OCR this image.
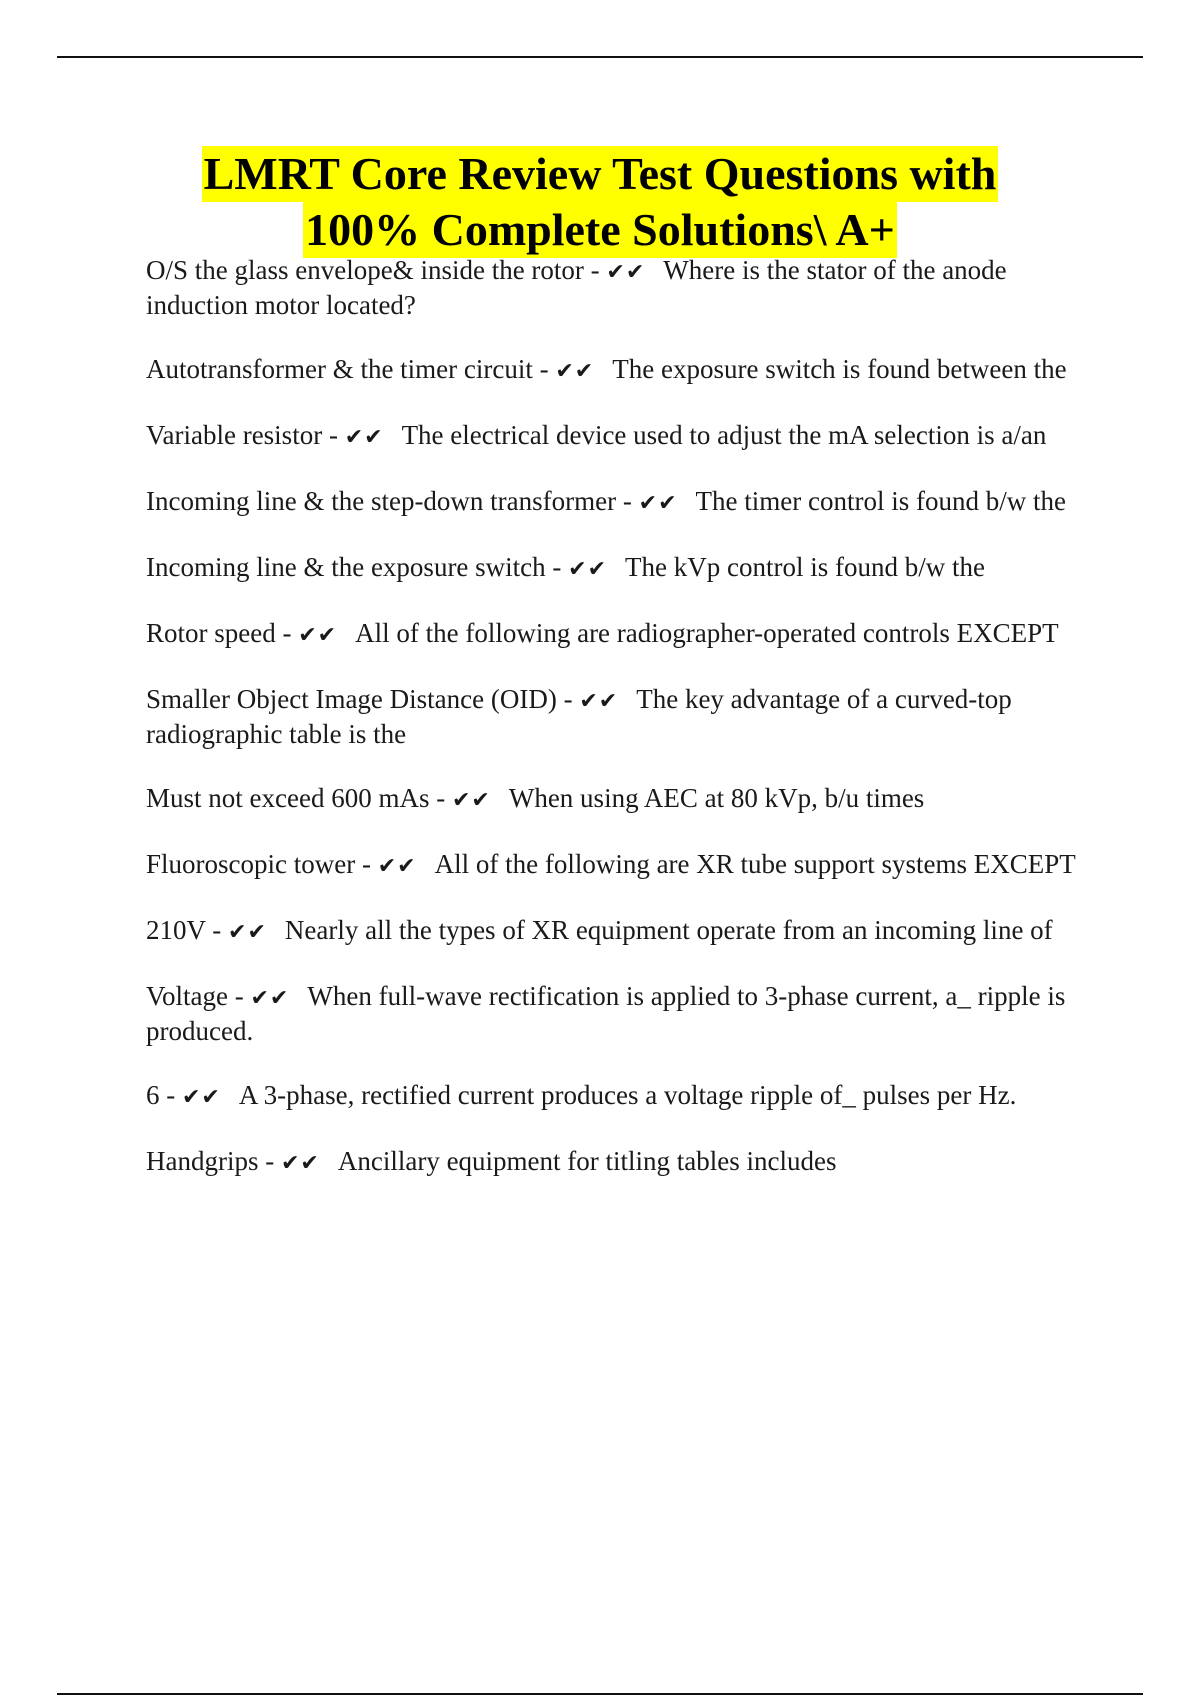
LMRT Core Review Test Questions with
100% Complete Solutions\ A+
O/S the glass envelope& inside the rotor - ✔✔ Where is the stator of the anode induction motor located?
Autotransformer & the timer circuit - ✔✔ The exposure switch is found between the
Variable resistor - ✔✔ The electrical device used to adjust the mA selection is a/an
Incoming line & the step-down transformer - ✔✔ The timer control is found b/w the
Incoming line & the exposure switch - ✔✔ The kVp control is found b/w the
Rotor speed - ✔✔ All of the following are radiographer-operated controls EXCEPT
Smaller Object Image Distance (OID) - ✔✔ The key advantage of a curved-top radiographic table is the
Must not exceed 600 mAs - ✔✔ When using AEC at 80 kVp, b/u times
Fluoroscopic tower - ✔✔ All of the following are XR tube support systems EXCEPT
210V - ✔✔ Nearly all the types of XR equipment operate from an incoming line of
Voltage - ✔✔ When full-wave rectification is applied to 3-phase current, a_ ripple is produced.
6 - ✔✔ A 3-phase, rectified current produces a voltage ripple of_ pulses per Hz.
Handgrips - ✔✔ Ancillary equipment for titling tables includes
